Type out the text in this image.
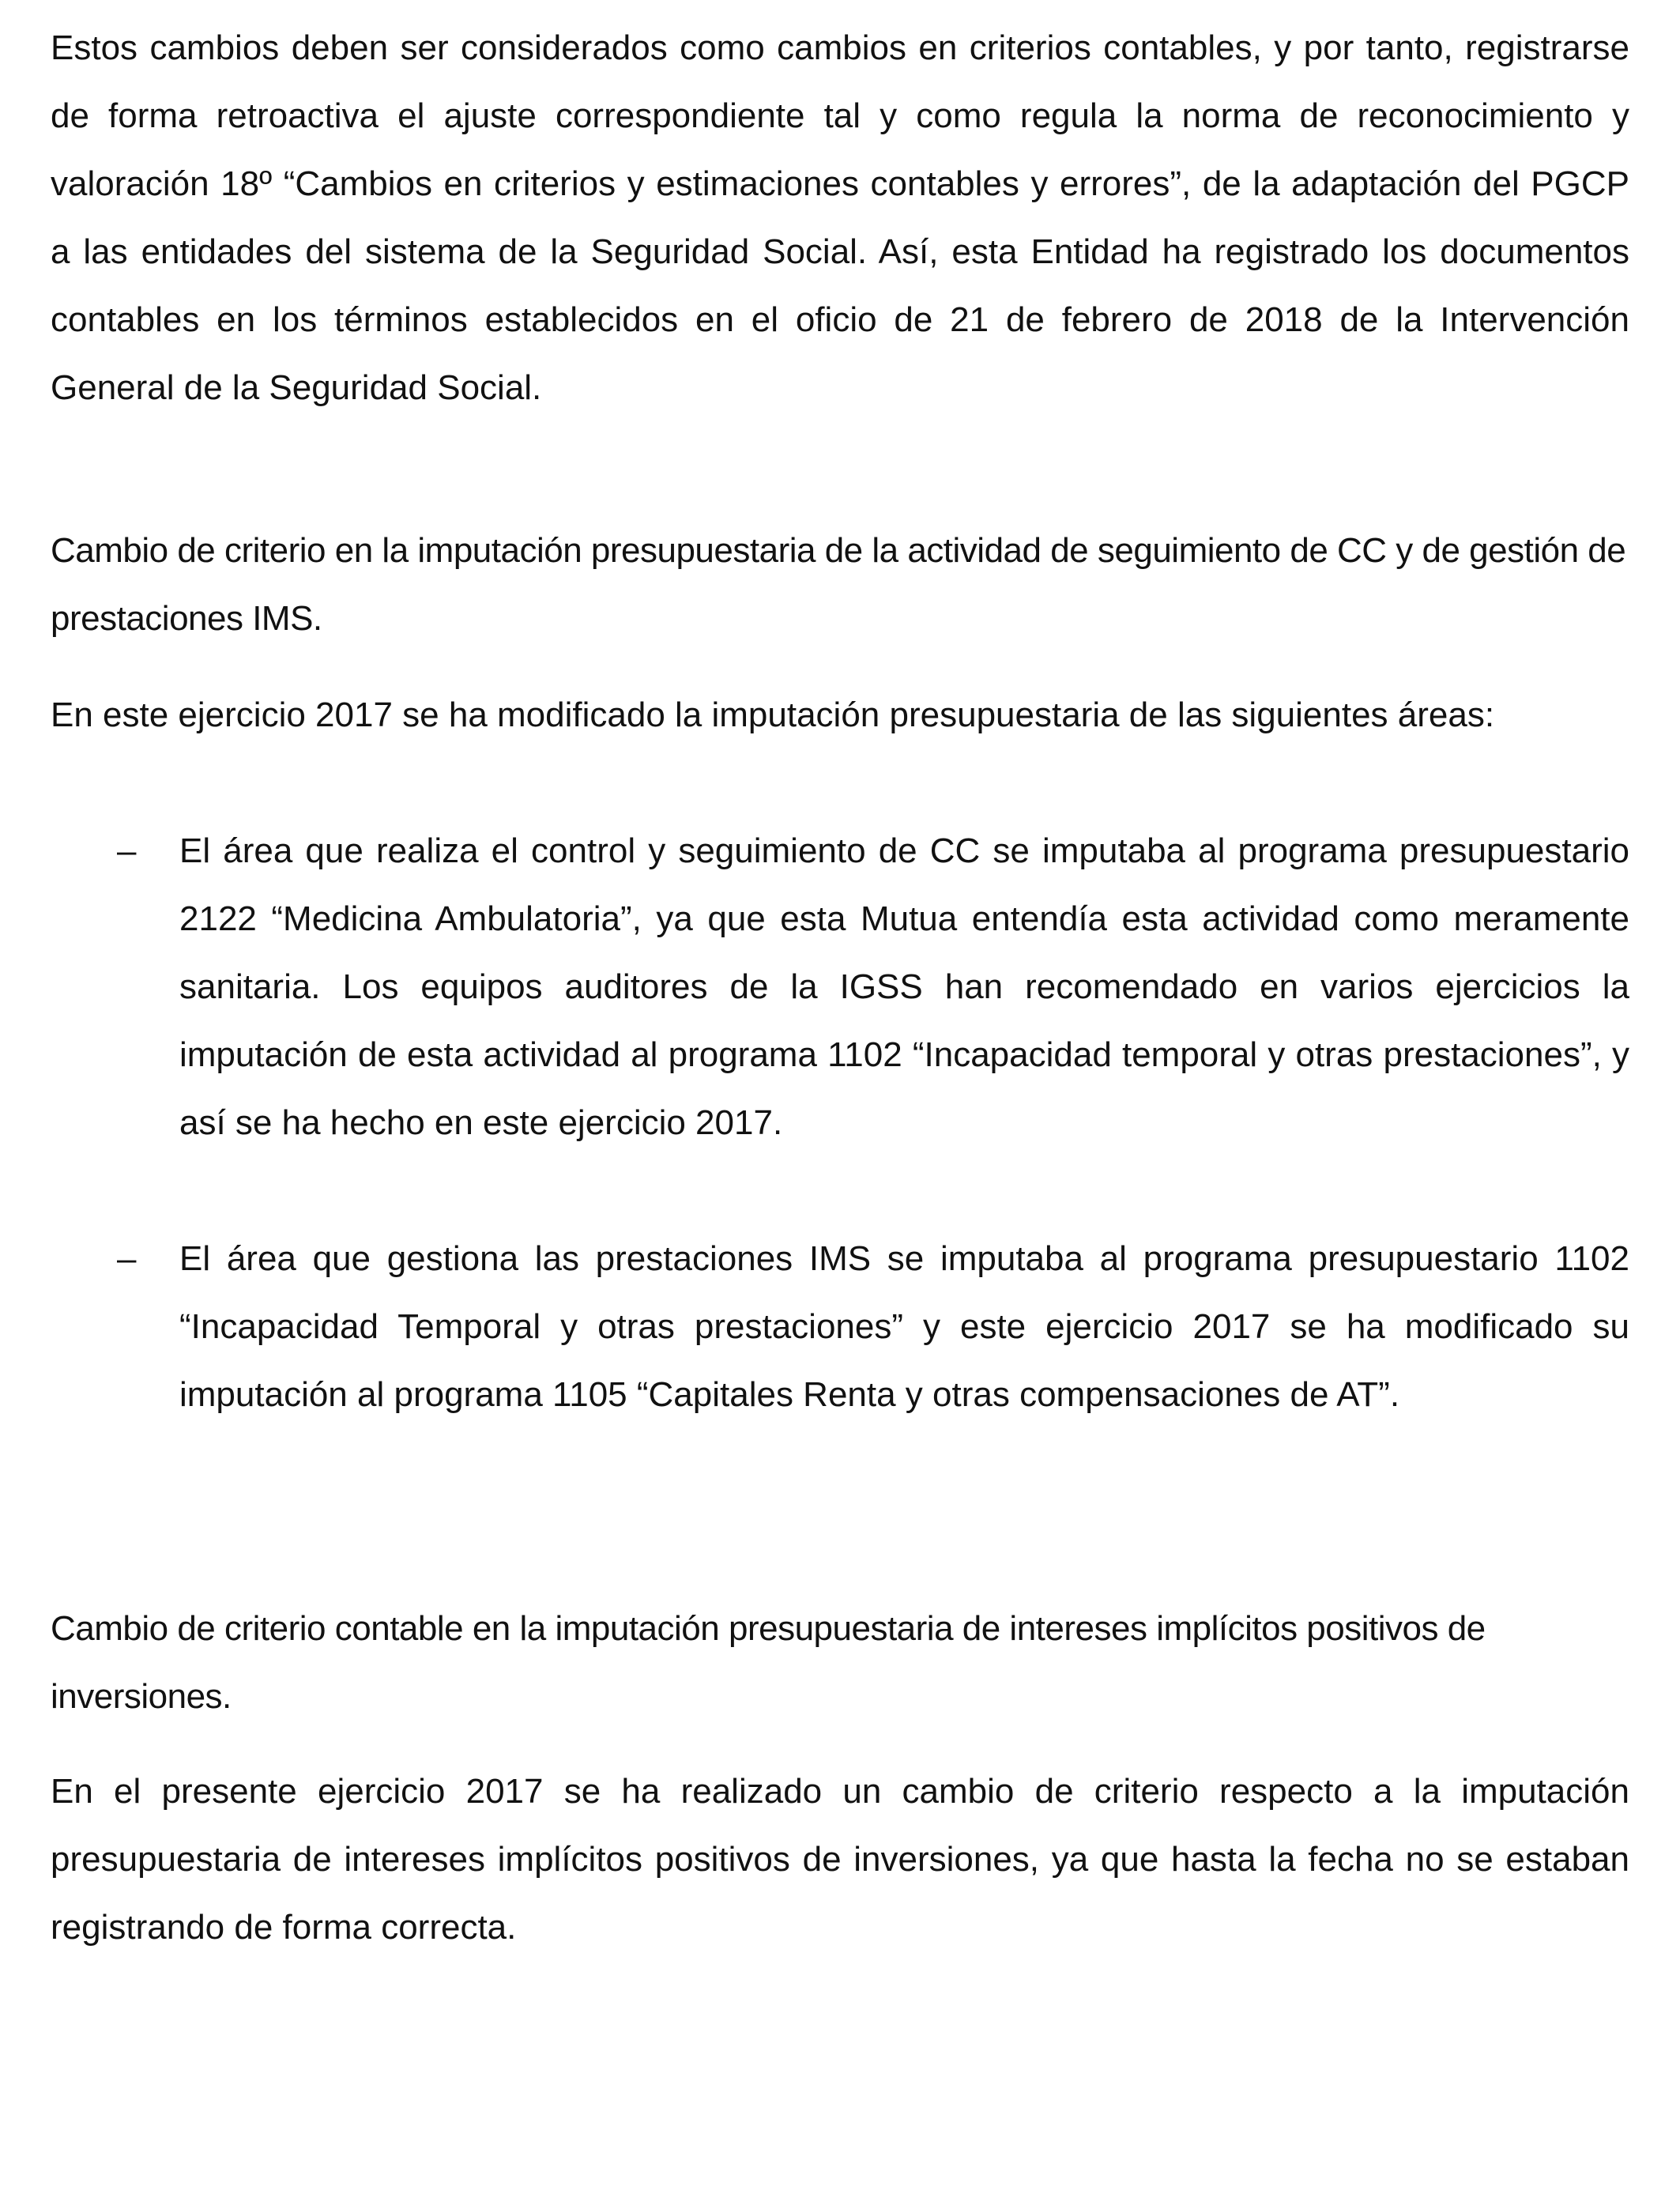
Estos cambios deben ser considerados como cambios en criterios contables, y por tanto, registrarse de forma retroactiva el ajuste correspondiente tal y como regula la norma de reconocimiento y valoración 18º “Cambios en criterios y estimaciones contables y errores”, de la adaptación del PGCP a las entidades del sistema de la Seguridad Social. Así, esta Entidad ha registrado los documentos contables en los términos establecidos en el oficio de 21 de febrero de 2018 de la Intervención General de la Seguridad Social.

Cambio de criterio en la imputación presupuestaria de la actividad de seguimiento de CC y de gestión de prestaciones IMS.

En este ejercicio 2017 se ha modificado la imputación presupuestaria de las siguientes áreas:

– El área que realiza el control y seguimiento de CC se imputaba al programa presupuestario 2122 “Medicina Ambulatoria”, ya que esta Mutua entendía esta actividad como meramente sanitaria. Los equipos auditores de la IGSS han recomendado en varios ejercicios la imputación de esta actividad al programa 1102 “Incapacidad temporal y otras prestaciones”, y así se ha hecho en este ejercicio 2017.

– El área que gestiona las prestaciones IMS se imputaba al programa presupuestario 1102 “Incapacidad Temporal y otras prestaciones” y este ejercicio 2017 se ha modificado su imputación al programa 1105 “Capitales Renta y otras compensaciones de AT”.

Cambio de criterio contable en la imputación presupuestaria de intereses implícitos positivos de inversiones.

En el presente ejercicio 2017 se ha realizado un cambio de criterio respecto a la imputación presupuestaria de intereses implícitos positivos de inversiones, ya que hasta la fecha no se estaban registrando de forma correcta.
